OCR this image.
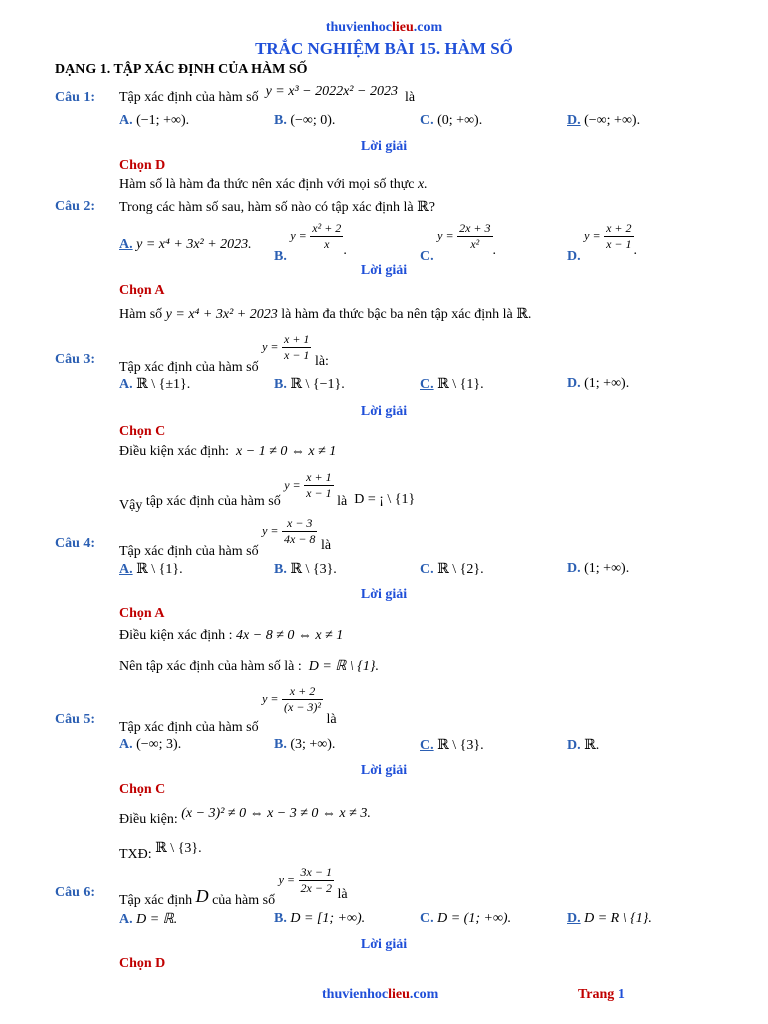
thuvienhoclieu.com
TRẮC NGHIỆM BÀI 15. HÀM SỐ
DẠNG 1. TẬP XÁC ĐỊNH CỦA HÀM SỐ
Câu 1: Tập xác định của hàm số y = x³ − 2022x² − 2023 là
A. (−1; +∞).	B. (−∞; 0).	C. (0; +∞).	D. (−∞; +∞).
Lời giải
Chọn D
Hàm số là hàm đa thức nên xác định với mọi số thực x.
Câu 2: Trong các hàm số sau, hàm số nào có tập xác định là ℝ?
A. y = x⁴ + 3x² + 2023.
B. $y = \frac{\text{x² + 2}}{x}$ .	C. $y = \frac{2x + 3}{\text{x²}}$ .	D. $y = \frac{x + 2}{x - 1}$ .
Lời giải
Chọn A
Hàm số y = x⁴ + 3x² + 2023 là hàm đa thức bậc ba nên tập xác định là ℝ.
Câu 3:
Tập xác định của hàm số $y = \frac{x + 1}{x - 1}$ là:
A. ℝ \ {±1}.	B. ℝ \ {−1}.	C. ℝ \ {1}.	D. (1; +∞).
Lời giải
Chọn C
Điều kiện xác định: x − 1 ≠ 0 ⇔ x ≠ 1
Vậy tập xác định của hàm số $y = \frac{x + 1}{x - 1}$
là D = ¡ \ {1}
Câu 4:
Tập xác định của hàm số $y = \frac{x - 3}{4x - 8}$ là
A. ℝ \ {1}.	B. ℝ \ {3}.	C. ℝ \ {2}.	D. (1; +∞).
Lời giải
Chọn A
Điều kiện xác định : 4x − 8 ≠ 0 ⇔ x ≠ 1
Nên tập xác định của hàm số là : D = ℝ \ {1}.
Câu 5:
Tập xác định của hàm số $y = \frac{x + 2}{\text{(x − 3)²}}$
là
A. (−∞; 3).	B. (3; +∞).	C. ℝ \ {3}.	D. ℝ.
Lời giải
Chọn C
Điều kiện: (x − 3)² ≠ 0 ⇔ x − 3 ≠ 0 ⇔ x ≠ 3.
TXĐ: ℝ \ {3}.
Câu 6:
Tập xác định D của hàm số $y = \frac{3x - 1}{2x - 2}$ là
A. D = ℝ.	B. D = [1; +∞).	C. D = (1; +∞).	D. D = R \ {1}.
Lời giải
Chọn D
thuvienhoclieu.com	Trang 1
